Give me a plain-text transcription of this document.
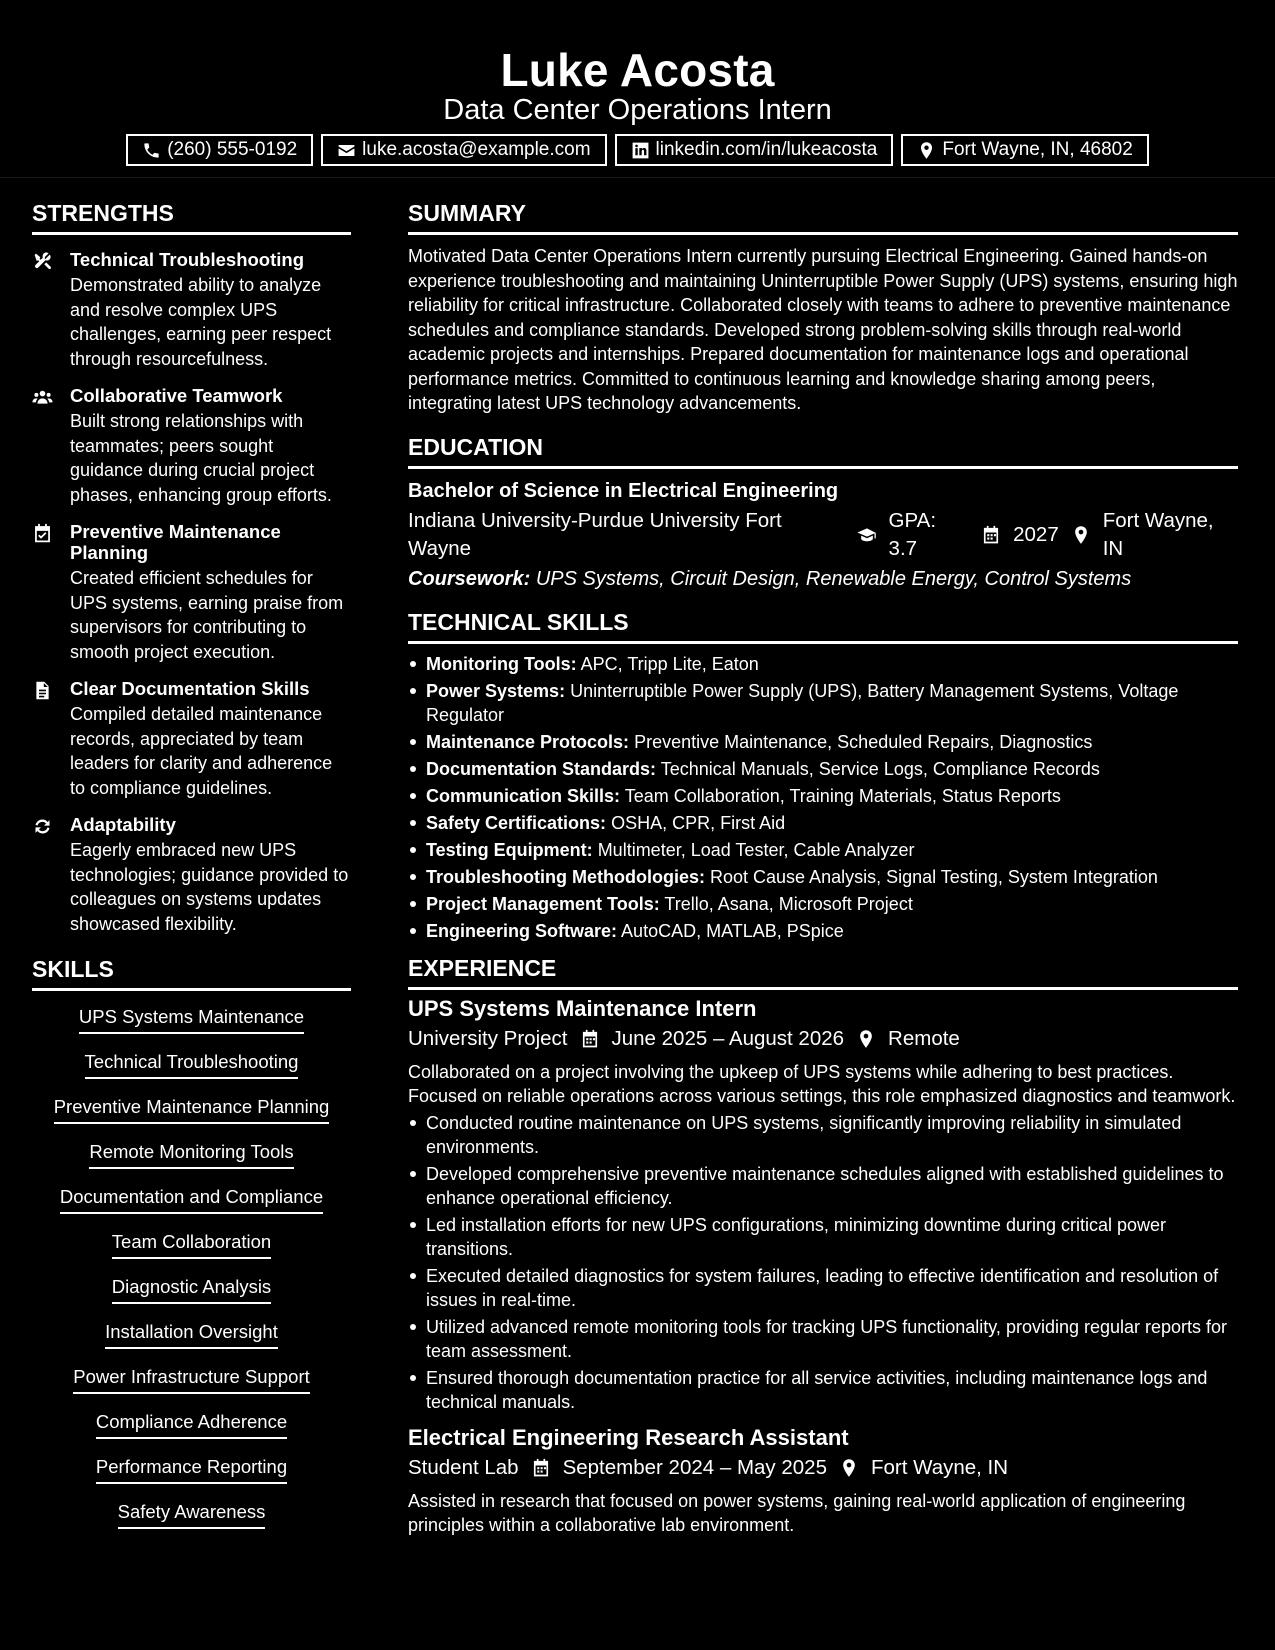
Luke Acosta
Data Center Operations Intern
(260) 555-0192	luke.acosta@example.com	linkedin.com/in/lukeacosta	Fort Wayne, IN, 46802
STRENGTHS
Technical Troubleshooting
Demonstrated ability to analyze and resolve complex UPS challenges, earning peer respect through resourcefulness.
Collaborative Teamwork
Built strong relationships with teammates; peers sought guidance during crucial project phases, enhancing group efforts.
Preventive Maintenance Planning
Created efficient schedules for UPS systems, earning praise from supervisors for contributing to smooth project execution.
Clear Documentation Skills
Compiled detailed maintenance records, appreciated by team leaders for clarity and adherence to compliance guidelines.
Adaptability
Eagerly embraced new UPS technologies; guidance provided to colleagues on systems updates showcased flexibility.
SKILLS
UPS Systems Maintenance
Technical Troubleshooting
Preventive Maintenance Planning
Remote Monitoring Tools
Documentation and Compliance
Team Collaboration
Diagnostic Analysis
Installation Oversight
Power Infrastructure Support
Compliance Adherence
Performance Reporting
Safety Awareness
SUMMARY
Motivated Data Center Operations Intern currently pursuing Electrical Engineering. Gained hands-on experience troubleshooting and maintaining Uninterruptible Power Supply (UPS) systems, ensuring high reliability for critical infrastructure. Collaborated closely with teams to adhere to preventive maintenance schedules and compliance standards. Developed strong problem-solving skills through real-world academic projects and internships. Prepared documentation for maintenance logs and operational performance metrics. Committed to continuous learning and knowledge sharing among peers, integrating latest UPS technology advancements.
EDUCATION
Bachelor of Science in Electrical Engineering
Indiana University-Purdue University Fort Wayne
GPA: 3.7
2027
Fort Wayne, IN
Coursework: UPS Systems, Circuit Design, Renewable Energy, Control Systems
TECHNICAL SKILLS
Monitoring Tools: APC, Tripp Lite, Eaton
Power Systems: Uninterruptible Power Supply (UPS), Battery Management Systems, Voltage Regulator
Maintenance Protocols: Preventive Maintenance, Scheduled Repairs, Diagnostics
Documentation Standards: Technical Manuals, Service Logs, Compliance Records
Communication Skills: Team Collaboration, Training Materials, Status Reports
Safety Certifications: OSHA, CPR, First Aid
Testing Equipment: Multimeter, Load Tester, Cable Analyzer
Troubleshooting Methodologies: Root Cause Analysis, Signal Testing, System Integration
Project Management Tools: Trello, Asana, Microsoft Project
Engineering Software: AutoCAD, MATLAB, PSpice
EXPERIENCE
UPS Systems Maintenance Intern
University Project June 2025 – August 2026 Remote
Collaborated on a project involving the upkeep of UPS systems while adhering to best practices. Focused on reliable operations across various settings, this role emphasized diagnostics and teamwork.
Conducted routine maintenance on UPS systems, significantly improving reliability in simulated environments.
Developed comprehensive preventive maintenance schedules aligned with established guidelines to enhance operational efficiency.
Led installation efforts for new UPS configurations, minimizing downtime during critical power transitions.
Executed detailed diagnostics for system failures, leading to effective identification and resolution of issues in real-time.
Utilized advanced remote monitoring tools for tracking UPS functionality, providing regular reports for team assessment.
Ensured thorough documentation practice for all service activities, including maintenance logs and technical manuals.
Electrical Engineering Research Assistant
Student Lab September 2024 – May 2025 Fort Wayne, IN
Assisted in research that focused on power systems, gaining real-world application of engineering principles within a collaborative lab environment.
